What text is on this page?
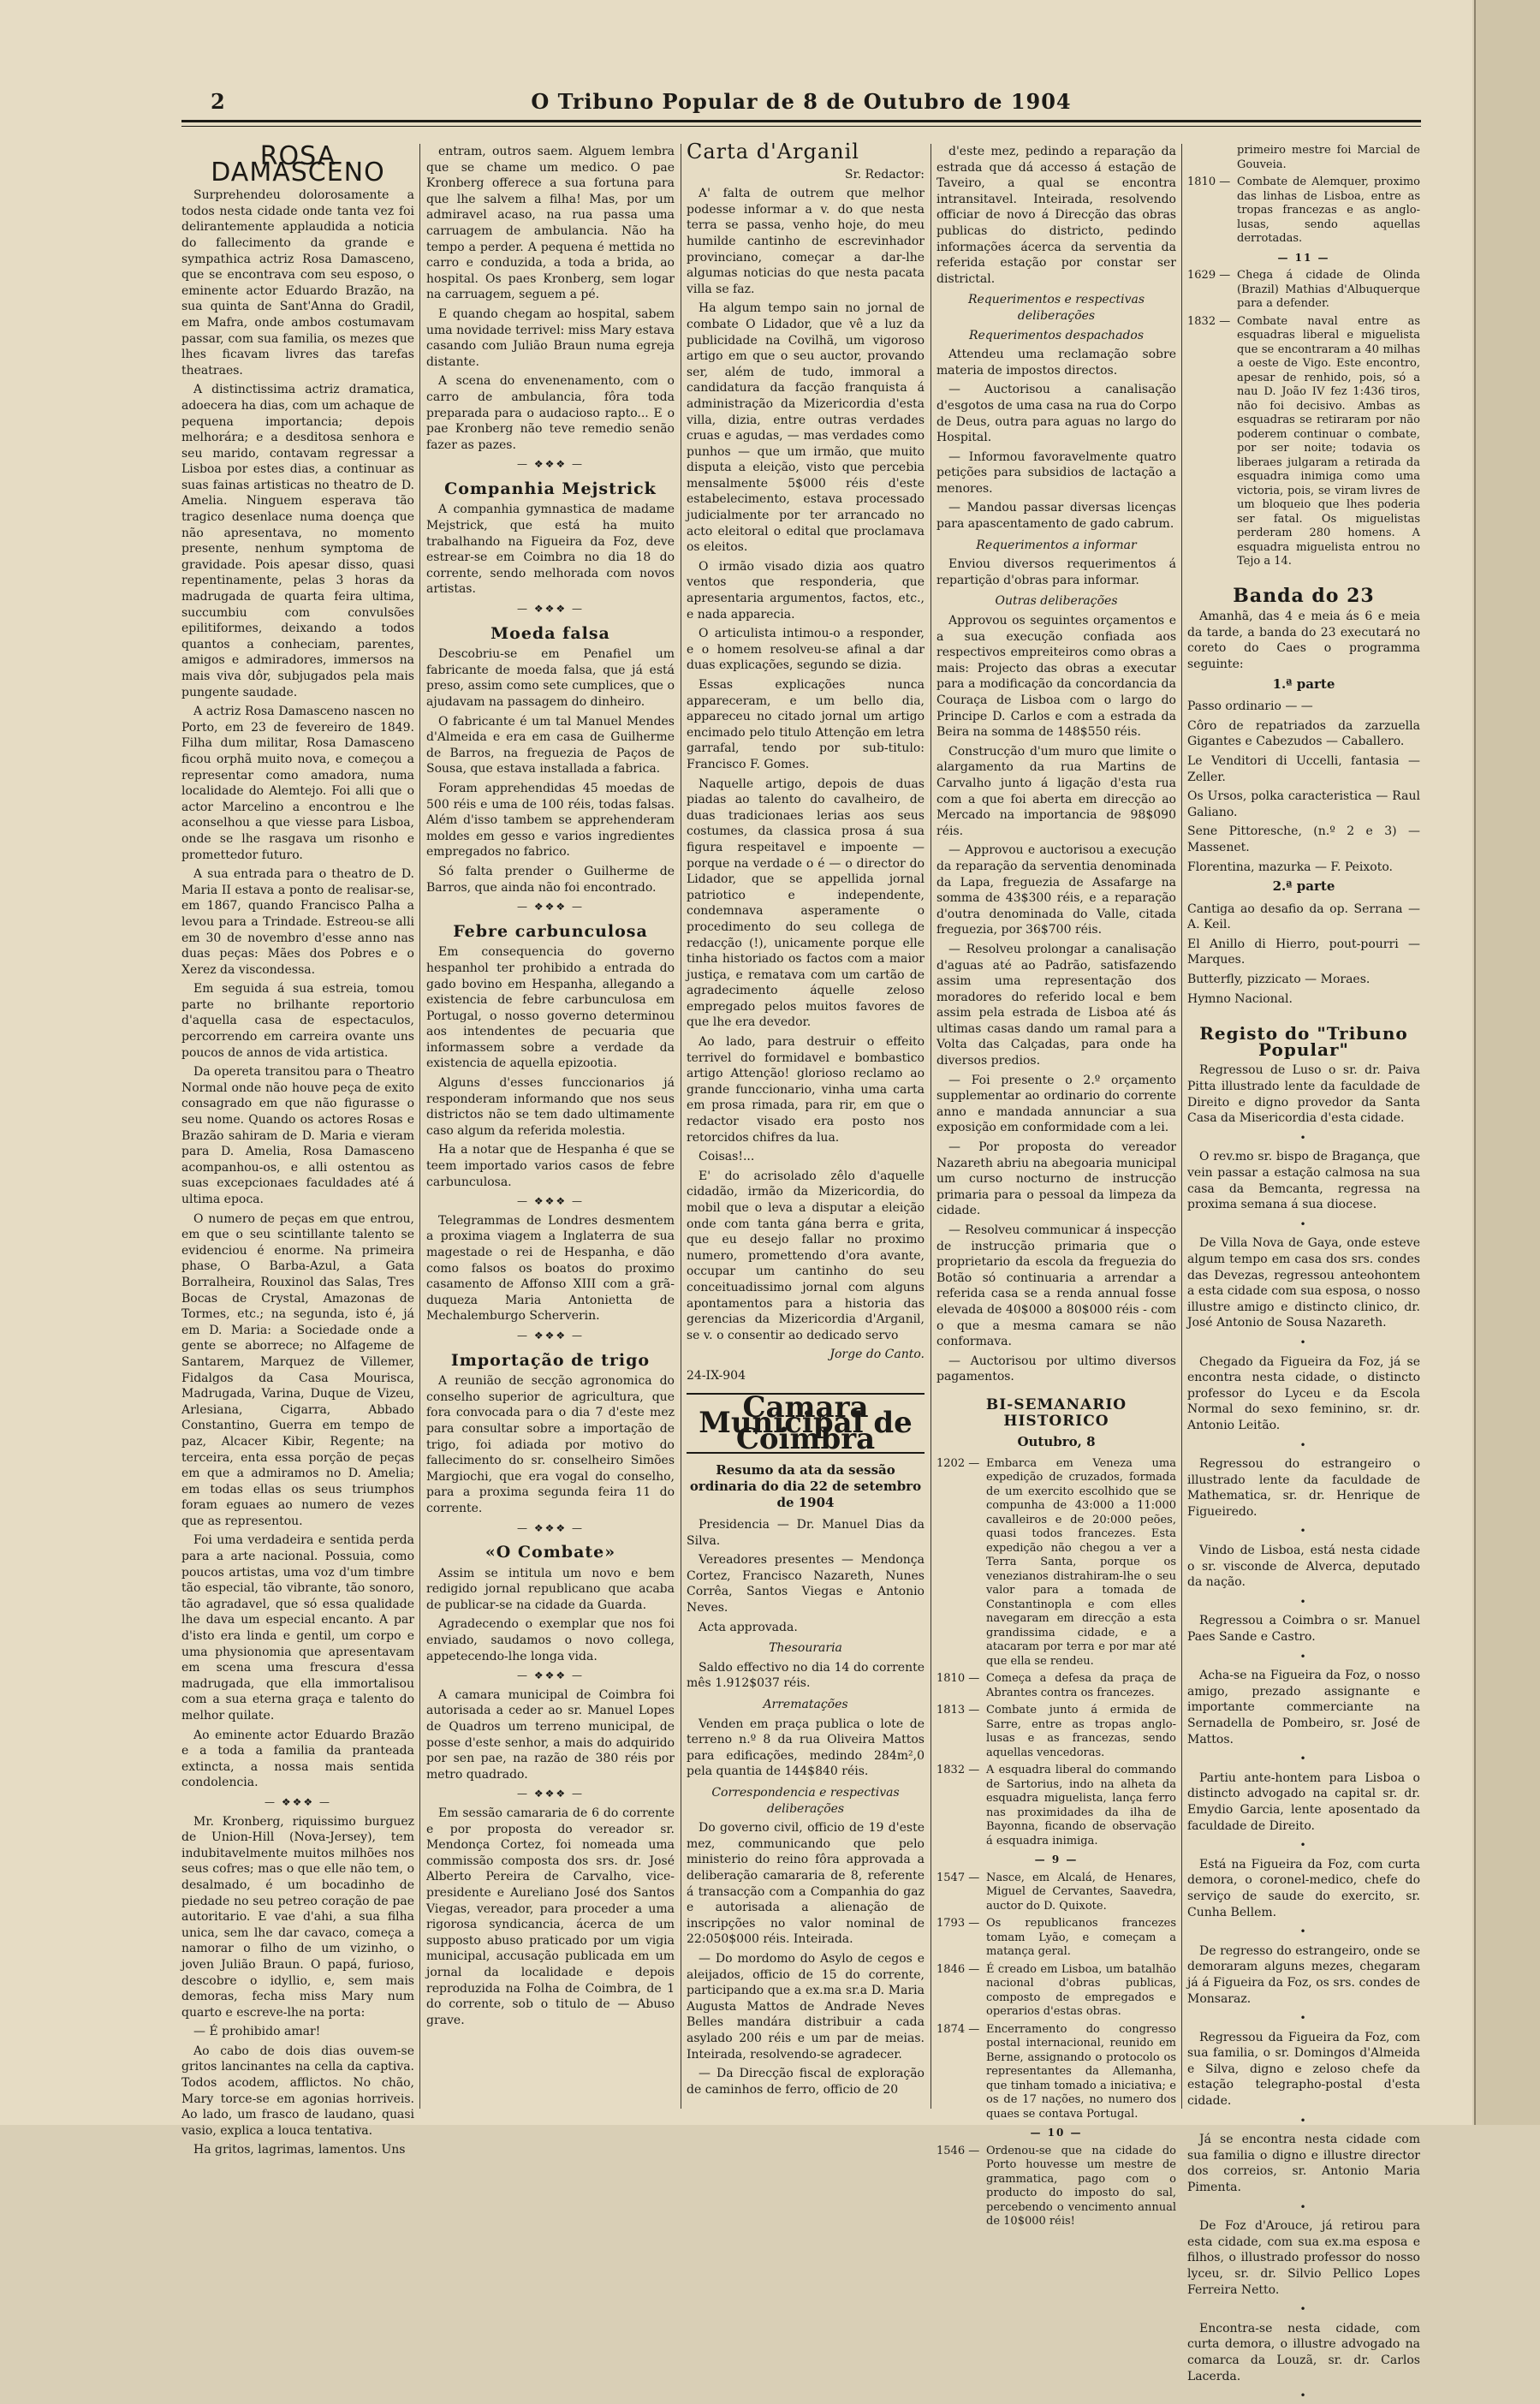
2	O Tribuno Popular de 8 de Outubro de 1904
ROSA DAMASCENO

Surprehendeu dolorosamente a todos nesta cidade onde tanta vez foi delirantemente applaudida a noticia do fallecimento da grande e sympathica actriz Rosa Damasceno, que se encontrava com seu esposo, o eminente actor Eduardo Brazão, na sua quinta de Sant'Anna do Gradil, em Mafra, onde ambos costumavam passar, com sua familia, os mezes que lhes ficavam livres das tarefas theatraes.

A distinctissima actriz dramatica, adoecera ha dias, com um achaque de pequena importancia; depois melhorára; e a desditosa senhora e seu marido, contavam regressar a Lisboa por estes dias, a continuar as suas fainas artisticas no theatro de D. Amelia. Ninguem esperava tão tragico desenlace numa doença que não apresentava, no momento presente, nenhum symptoma de gravidade. Pois apesar disso, quasi repentinamente, pelas 3 horas da madrugada de quarta feira ultima, succumbiu com convulsões epilitiformes, deixando a todos quantos a conheciam, parentes, amigos e admiradores, immersos na mais viva dôr, subjugados pela mais pungente saudade.

A actriz Rosa Damasceno nascen no Porto, em 23 de fevereiro de 1849. Filha dum militar, Rosa Damasceno ficou orphã muito nova, e começou a representar como amadora, numa localidade do Alemtejo. Foi alli que o actor Marcelino a encontrou e lhe aconselhou a que viesse para Lisboa, onde se lhe rasgava um risonho e promettedor futuro.

A sua entrada para o theatro de D. Maria II estava a ponto de realisar-se, em 1867, quando Francisco Palha a levou para a Trindade. Estreou-se alli em 30 de novembro d'esse anno nas duas peças: Mães dos Pobres e o Xerez da viscondessa.

Em seguida á sua estreia, tomou parte no brilhante reportorio d'aquella casa de espectaculos, percorrendo em carreira ovante uns poucos de annos de vida artistica.

Da opereta transitou para o Theatro Normal onde não houve peça de exito consagrado em que não figurasse o seu nome. Quando os actores Rosas e Brazão sahiram de D. Maria e vieram para D. Amelia, Rosa Damasceno acompanhou-os, e alli ostentou as suas excepcionaes faculdades até á ultima epoca.

O numero de peças em que entrou, em que o seu scintillante talento se evidenciou é enorme. Na primeira phase, O Barba-Azul, a Gata Borralheira, Rouxinol das Salas, Tres Bocas de Crystal, Amazonas de Tormes, etc.; na segunda, isto é, já em D. Maria: a Sociedade onde a gente se aborrece; no Alfageme de Santarem, Marquez de Villemer, Fidalgos da Casa Mourisca, Madrugada, Varina, Duque de Vizeu, Arlesiana, Cigarra, Abbado Constantino, Guerra em tempo de paz, Alcacer Kibir, Regente; na terceira, enta essa porção de peças em que a admiramos no D. Amelia; em todas ellas os seus triumphos foram eguaes ao numero de vezes que as representou.

Foi uma verdadeira e sentida perda para a arte nacional. Possuia, como poucos artistas, uma voz d'um timbre tão especial, tão vibrante, tão sonoro, tão agradavel, que só essa qualidade lhe dava um especial encanto. A par d'isto era linda e gentil, um corpo e uma physionomia que apresentavam em scena uma frescura d'essa madrugada, que ella immortalisou com a sua eterna graça e talento do melhor quilate.

Ao eminente actor Eduardo Brazão e a toda a familia da pranteada extincta, a nossa mais sentida condolencia.

— ❖❖❖ —

Mr. Kronberg, riquissimo burguez de Union-Hill (Nova-Jersey), tem indubitavelmente muitos milhões nos seus cofres; mas o que elle não tem, o desalmado, é um bocadinho de piedade no seu petreo coração de pae autoritario. E vae d'ahi, a sua filha unica, sem lhe dar cavaco, começa a namorar o filho de um vizinho, o joven Julião Braun. O papá, furioso, descobre o idyllio, e, sem mais demoras, fecha miss Mary num quarto e escreve-lhe na porta:

— É prohibido amar!

Ao cabo de dois dias ouvem-se gritos lancinantes na cella da captiva. Todos acodem, afflictos. No chão, Mary torce-se em agonias horriveis. Ao lado, um frasco de laudano, quasi vasio, explica a louca tentativa.

Ha gritos, lagrimas, lamentos. Uns

entram, outros saem. Alguem lembra que se chame um medico. O pae Kronberg offerece a sua fortuna para que lhe salvem a filha! Mas, por um admiravel acaso, na rua passa uma carruagem de ambulancia. Não ha tempo a perder. A pequena é mettida no carro e conduzida, a toda a brida, ao hospital. Os paes Kronberg, sem logar na carruagem, seguem a pé.

E quando chegam ao hospital, sabem uma novidade terrivel: miss Mary estava casando com Julião Braun numa egreja distante.

A scena do envenenamento, com o carro de ambulancia, fôra toda preparada para o audacioso rapto... E o pae Kronberg não teve remedio senão fazer as pazes.

— ❖❖❖ —
Companhia Mejstrick

A companhia gymnastica de madame Mejstrick, que está ha muito trabalhando na Figueira da Foz, deve estrear-se em Coimbra no dia 18 do corrente, sendo melhorada com novos artistas.

— ❖❖❖ —
Moeda falsa

Descobriu-se em Penafiel um fabricante de moeda falsa, que já está preso, assim como sete cumplices, que o ajudavam na passagem do dinheiro.

O fabricante é um tal Manuel Mendes d'Almeida e era em casa de Guilherme de Barros, na freguezia de Paços de Sousa, que estava installada a fabrica.

Foram apprehendidas 45 moedas de 500 réis e uma de 100 réis, todas falsas. Além d'isso tambem se apprehenderam moldes em gesso e varios ingredientes empregados no fabrico.

Só falta prender o Guilherme de Barros, que ainda não foi encontrado.

— ❖❖❖ —
Febre carbunculosa

Em consequencia do governo hespanhol ter prohibido a entrada do gado bovino em Hespanha, allegando a existencia de febre carbunculosa em Portugal, o nosso governo determinou aos intendentes de pecuaria que informassem sobre a verdade da existencia de aquella epizootia.

Alguns d'esses funccionarios já responderam informando que nos seus districtos não se tem dado ultimamente caso algum da referida molestia.

Ha a notar que de Hespanha é que se teem importado varios casos de febre carbunculosa.

— ❖❖❖ —

Telegrammas de Londres desmentem a proxima viagem a Inglaterra de sua magestade o rei de Hespanha, e dão como falsos os boatos do proximo casamento de Affonso XIII com a grã-duqueza Maria Antonietta de Mechalemburgo Scherverin.

— ❖❖❖ —
Importação de trigo

A reunião de secção agronomica do conselho superior de agricultura, que fora convocada para o dia 7 d'este mez para consultar sobre a importação de trigo, foi adiada por motivo do fallecimento do sr. conselheiro Simões Margiochi, que era vogal do conselho, para a proxima segunda feira 11 do corrente.

— ❖❖❖ —
«O Combate»

Assim se intitula um novo e bem redigido jornal republicano que acaba de publicar-se na cidade da Guarda.

Agradecendo o exemplar que nos foi enviado, saudamos o novo collega, appetecendo-lhe longa vida.

— ❖❖❖ —

A camara municipal de Coimbra foi autorisada a ceder ao sr. Manuel Lopes de Quadros um terreno municipal, de posse d'este senhor, a mais do adquirido por sen pae, na razão de 380 réis por metro quadrado.

— ❖❖❖ —

Em sessão camararia de 6 do corrente e por proposta do vereador sr. Mendonça Cortez, foi nomeada uma commissão composta dos srs. dr. José Alberto Pereira de Carvalho, vice-presidente e Aureliano José dos Santos Viegas, vereador, para proceder a uma rigorosa syndicancia, ácerca de um supposto abuso praticado por um vigia municipal, accusação publicada em um jornal da localidade e depois reproduzida na Folha de Coimbra, de 1 do corrente, sob o titulo de — Abuso grave.

Carta d'Arganil
Sr. Redactor:

A' falta de outrem que melhor podesse informar a v. do que nesta terra se passa, venho hoje, do meu humilde cantinho de escrevinhador provinciano, começar a dar-lhe algumas noticias do que nesta pacata villa se faz.

Ha algum tempo sain no jornal de combate O Lidador, que vê a luz da publicidade na Covilhã, um vigoroso artigo em que o seu auctor, provando ser, além de tudo, immoral a candidatura da facção franquista á administração da Mizericordia d'esta villa, dizia, entre outras verdades cruas e agudas, — mas verdades como punhos — que um irmão, que muito disputa a eleição, visto que percebia mensalmente 5$000 réis d'este estabelecimento, estava processado judicialmente por ter arrancado no acto eleitoral o edital que proclamava os eleitos.

O irmão visado dizia aos quatro ventos que responderia, que apresentaria argumentos, factos, etc., e nada apparecia.

O articulista intimou-o a responder, e o homem resolveu-se afinal a dar duas explicações, segundo se dizia.

Essas explicações nunca appareceram, e um bello dia, appareceu no citado jornal um artigo encimado pelo titulo Attenção em letra garrafal, tendo por sub-titulo: Francisco F. Gomes.

Naquelle artigo, depois de duas piadas ao talento do cavalheiro, de duas tradicionaes lerias aos seus costumes, da classica prosa á sua figura respeitavel e impoente — porque na verdade o é — o director do Lidador, que se appellida jornal patriotico e independente, condemnava asperamente o procedimento do seu collega de redacção (!), unicamente porque elle tinha historiado os factos com a maior justiça, e rematava com um cartão de agradecimento áquelle zeloso empregado pelos muitos favores de que lhe era devedor.

Ao lado, para destruir o effeito terrivel do formidavel e bombastico artigo Attenção! glorioso reclamo ao grande funccionario, vinha uma carta em prosa rimada, para rir, em que o redactor visado era posto nos retorcidos chifres da lua.

Coisas!...

E' do acrisolado zêlo d'aquelle cidadão, irmão da Mizericordia, do mobil que o leva a disputar a eleição onde com tanta gána berra e grita, que eu desejo fallar no proximo numero, promettendo d'ora avante, occupar um cantinho do seu conceituadissimo jornal com alguns apontamentos para a historia das gerencias da Mizericordia d'Arganil, se v. o consentir ao dedicado servo

Jorge do Canto.
24-IX-904
Camara Municipal de Coimbra
Resumo da ata da sessão ordinaria do dia 22 de setembro de 1904

Presidencia — Dr. Manuel Dias da Silva.

Vereadores presentes — Mendonça Cortez, Francisco Nazareth, Nunes Corrêa, Santos Viegas e Antonio Neves.

Acta approvada.

Thesouraria

Saldo effectivo no dia 14 do corrente mês 1.912$037 réis.

Arrematações

Venden em praça publica o lote de terreno n.º 8 da rua Oliveira Mattos para edificações, medindo 284m²,0 pela quantia de 144$840 réis.

Correspondencia e respectivas deliberações

Do governo civil, officio de 19 d'este mez, communicando que pelo ministerio do reino fôra approvada a deliberação camararia de 8, referente á transacção com a Companhia do gaz e autorisada a alienação de inscripções no valor nominal de 22:050$000 réis. Inteirada.

— Do mordomo do Asylo de cegos e aleijados, officio de 15 do corrente, participando que a ex.ma sr.a D. Maria Augusta Mattos de Andrade Neves Belles mandára distribuir a cada asylado 200 réis e um par de meias. Inteirada, resolvendo-se agradecer.

— Da Direcção fiscal de exploração de caminhos de ferro, officio de 20

d'este mez, pedindo a reparação da estrada que dá accesso á estação de Taveiro, a qual se encontra intransitavel. Inteirada, resolvendo officiar de novo á Direcção das obras publicas do districto, pedindo informações ácerca da serventia da referida estação por constar ser districtal.

Requerimentos e respectivas deliberações
Requerimentos despachados

Attendeu uma reclamação sobre materia de impostos directos.

— Auctorisou a canalisação d'esgotos de uma casa na rua do Corpo de Deus, outra para aguas no largo do Hospital.

— Informou favoravelmente quatro petições para subsidios de lactação a menores.

— Mandou passar diversas licenças para apascentamento de gado cabrum.

Requerimentos a informar

Enviou diversos requerimentos á repartição d'obras para informar.

Outras deliberações

Approvou os seguintes orçamentos e a sua execução confiada aos respectivos empreiteiros como obras a mais: Projecto das obras a executar para a modificação da concordancia da Couraça de Lisboa com o largo do Principe D. Carlos e com a estrada da Beira na somma de 148$550 réis.

Construcção d'um muro que limite o alargamento da rua Martins de Carvalho junto á ligação d'esta rua com a que foi aberta em direcção ao Mercado na importancia de 98$090 réis.

— Approvou e auctorisou a execução da reparação da serventia denominada da Lapa, freguezia de Assafarge na somma de 43$300 réis, e a reparação d'outra denominada do Valle, citada freguezia, por 36$700 réis.

— Resolveu prolongar a canalisação d'aguas até ao Padrão, satisfazendo assim uma representação dos moradores do referido local e bem assim pela estrada de Lisboa até ás ultimas casas dando um ramal para a Volta das Calçadas, para onde ha diversos predios.

— Foi presente o 2.º orçamento supplementar ao ordinario do corrente anno e mandada annunciar a sua exposição em conformidade com a lei.

— Por proposta do vereador Nazareth abriu na abegoaria municipal um curso nocturno de instrucção primaria para o pessoal da limpeza da cidade.

— Resolveu communicar á inspecção de instrucção primaria que o proprietario da escola da freguezia do Botão só continuaria a arrendar a referida casa se a renda annual fosse elevada de 40$000 a 80$000 réis - com o que a mesma camara se não conformava.

— Auctorisou por ultimo diversos pagamentos.

BI-SEMANARIO HISTORICO
Outubro, 8

1202 — Embarca em Veneza uma expedição de cruzados, formada de um exercito escolhido que se compunha de 43:000 a 11:000 cavalleiros e de 20:000 peões, quasi todos francezes. Esta expedição não chegou a ver a Terra Santa, porque os venezianos distrahiram-lhe o seu valor para a tomada de Constantinopla e com elles navegaram em direcção a esta grandissima cidade, e a atacaram por terra e por mar até que ella se rendeu.

1810 — Começa a defesa da praça de Abrantes contra os francezes.

1813 — Combate junto á ermida de Sarre, entre as tropas anglo-lusas e as francezas, sendo aquellas vencedoras.

1832 — A esquadra liberal do commando de Sartorius, indo na alheta da esquadra miguelista, lança ferro nas proximidades da ilha de Bayonna, ficando de observação á esquadra inimiga.

— 9 —

1547 — Nasce, em Alcalá, de Henares, Miguel de Cervantes, Saavedra, auctor do D. Quixote.

1793 — Os republicanos francezes tomam Lyão, e começam a matança geral.

1846 — É creado em Lisboa, um batalhão nacional d'obras publicas, composto de empregados e operarios d'estas obras.

1874 — Encerramento do congresso postal internacional, reunido em Berne, assignando o protocolo os representantes da Allemanha, que tinham tomado a iniciativa; e os de 17 nações, no numero dos quaes se contava Portugal.

— 10 —

1546 — Ordenou-se que na cidade do Porto houvesse um mestre de grammatica, pago com o producto do imposto do sal, percebendo o vencimento annual de 10$000 réis!

primeiro mestre foi Marcial de Gouveia.

1810 — Combate de Alemquer, proximo das linhas de Lisboa, entre as tropas francezas e as anglo-lusas, sendo aquellas derrotadas.

— 11 —

1629 — Chega á cidade de Olinda (Brazil) Mathias d'Albuquerque para a defender.

1832 — Combate naval entre as esquadras liberal e miguelista que se encontraram a 40 milhas a oeste de Vigo. Este encontro, apesar de renhido, pois, só a nau D. João IV fez 1:436 tiros, não foi decisivo. Ambas as esquadras se retiraram por não poderem continuar o combate, por ser noite; todavia os liberaes julgaram a retirada da esquadra inimiga como uma victoria, pois, se viram livres de um bloqueio que lhes poderia ser fatal. Os miguelistas perderam 280 homens. A esquadra miguelista entrou no Tejo a 14.

Banda do 23

Amanhã, das 4 e meia ás 6 e meia da tarde, a banda do 23 executará no coreto do Caes o programma seguinte:

1.ª parte

Passo ordinario — —

Côro de repatriados da zarzuella Gigantes e Cabezudos — Caballero.

Le Venditori di Uccelli, fantasia — Zeller.

Os Ursos, polka caracteristica — Raul Galiano.

Sene Pittoresche, (n.º 2 e 3) — Massenet.

Florentina, mazurka — F. Peixoto.

2.ª parte

Cantiga ao desafio da op. Serrana — A. Keil.

El Anillo di Hierro, pout-pourri — Marques.

Butterfly, pizzicato — Moraes.

Hymno Nacional.

Registo do "Tribuno Popular"

Regressou de Luso o sr. dr. Paiva Pitta illustrado lente da faculdade de Direito e digno provedor da Santa Casa da Misericordia d'esta cidade.

•

O rev.mo sr. bispo de Bragança, que vein passar a estação calmosa na sua casa da Bemcanta, regressa na proxima semana á sua diocese.

•

De Villa Nova de Gaya, onde esteve algum tempo em casa dos srs. condes das Devezas, regressou anteohontem a esta cidade com sua esposa, o nosso illustre amigo e distincto clinico, dr. José Antonio de Sousa Nazareth.

•

Chegado da Figueira da Foz, já se encontra nesta cidade, o distincto professor do Lyceu e da Escola Normal do sexo feminino, sr. dr. Antonio Leitão.

•

Regressou do estrangeiro o illustrado lente da faculdade de Mathematica, sr. dr. Henrique de Figueiredo.

•

Vindo de Lisboa, está nesta cidade o sr. visconde de Alverca, deputado da nação.

•

Regressou a Coimbra o sr. Manuel Paes Sande e Castro.

•

Acha-se na Figueira da Foz, o nosso amigo, prezado assignante e importante commerciante na Sernadella de Pombeiro, sr. José de Mattos.

•

Partiu ante-hontem para Lisboa o distincto advogado na capital sr. dr. Emydio Garcia, lente aposentado da faculdade de Direito.

•

Está na Figueira da Foz, com curta demora, o coronel-medico, chefe do serviço de saude do exercito, sr. Cunha Bellem.

•

De regresso do estrangeiro, onde se demoraram alguns mezes, chegaram já á Figueira da Foz, os srs. condes de Monsaraz.

•

Regressou da Figueira da Foz, com sua familia, o sr. Domingos d'Almeida e Silva, digno e zeloso chefe da estação telegrapho-postal d'esta cidade.

•

Já se encontra nesta cidade com sua familia o digno e illustre director dos correios, sr. Antonio Maria Pimenta.

•

De Foz d'Arouce, já retirou para esta cidade, com sua ex.ma esposa e filhos, o illustrado professor do nosso lyceu, sr. dr. Silvio Pellico Lopes Ferreira Netto.

•

Encontra-se nesta cidade, com curta demora, o illustre advogado na comarca da Louzã, sr. dr. Carlos Lacerda.

•
